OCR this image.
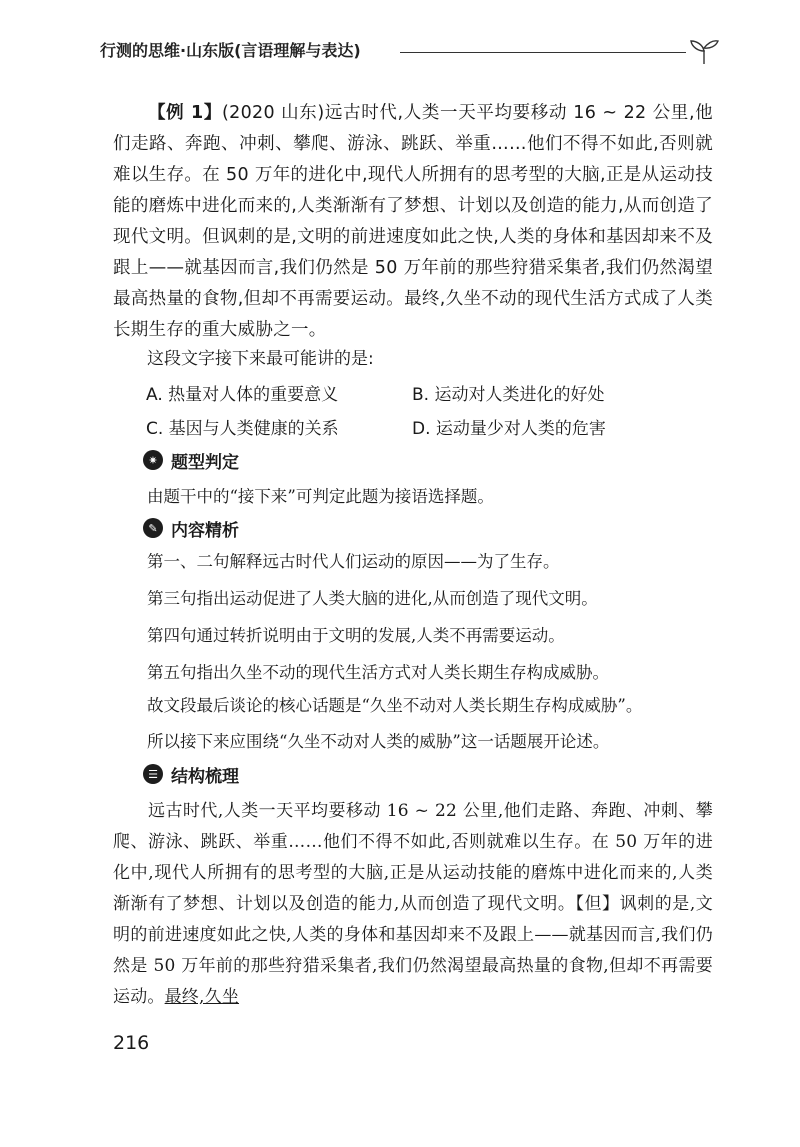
行测的思维·山东版(言语理解与表达)

【例 1】(2020 山东)远古时代,人类一天平均要移动 16 ~ 22 公里,他们走路、奔跑、冲刺、攀爬、游泳、跳跃、举重……他们不得不如此,否则就难以生存。在 50 万年的进化中,现代人所拥有的思考型的大脑,正是从运动技能的磨炼中进化而来的,人类渐渐有了梦想、计划以及创造的能力,从而创造了现代文明。但讽刺的是,文明的前进速度如此之快,人类的身体和基因却来不及跟上——就基因而言,我们仍然是 50 万年前的那些狩猎采集者,我们仍然渴望最高热量的食物,但却不再需要运动。最终,久坐不动的现代生活方式成了人类长期生存的重大威胁之一。

这段文字接下来最可能讲的是:
A. 热量对人体的重要意义	B. 运动对人类进化的好处
C. 基因与人类健康的关系	D. 运动量少对人类的危害
✷ 题型判定
由题干中的“接下来”可判定此题为接语选择题。
✎ 内容精析
第一、二句解释远古时代人们运动的原因——为了生存。
第三句指出运动促进了人类大脑的进化,从而创造了现代文明。
第四句通过转折说明由于文明的发展,人类不再需要运动。
第五句指出久坐不动的现代生活方式对人类长期生存构成威胁。
故文段最后谈论的核心话题是“久坐不动对人类长期生存构成威胁”。
所以接下来应围绕“久坐不动对人类的威胁”这一话题展开论述。
☰ 结构梳理

远古时代,人类一天平均要移动 16 ~ 22 公里,他们走路、奔跑、冲刺、攀爬、游泳、跳跃、举重……他们不得不如此,否则就难以生存。在 50 万年的进化中,现代人所拥有的思考型的大脑,正是从运动技能的磨炼中进化而来的,人类渐渐有了梦想、计划以及创造的能力,从而创造了现代文明。【但】讽刺的是,文明的前进速度如此之快,人类的身体和基因却来不及跟上——就基因而言,我们仍然是 50 万年前的那些狩猎采集者,我们仍然渴望最高热量的食物,但却不再需要运动。最终,久坐

216
